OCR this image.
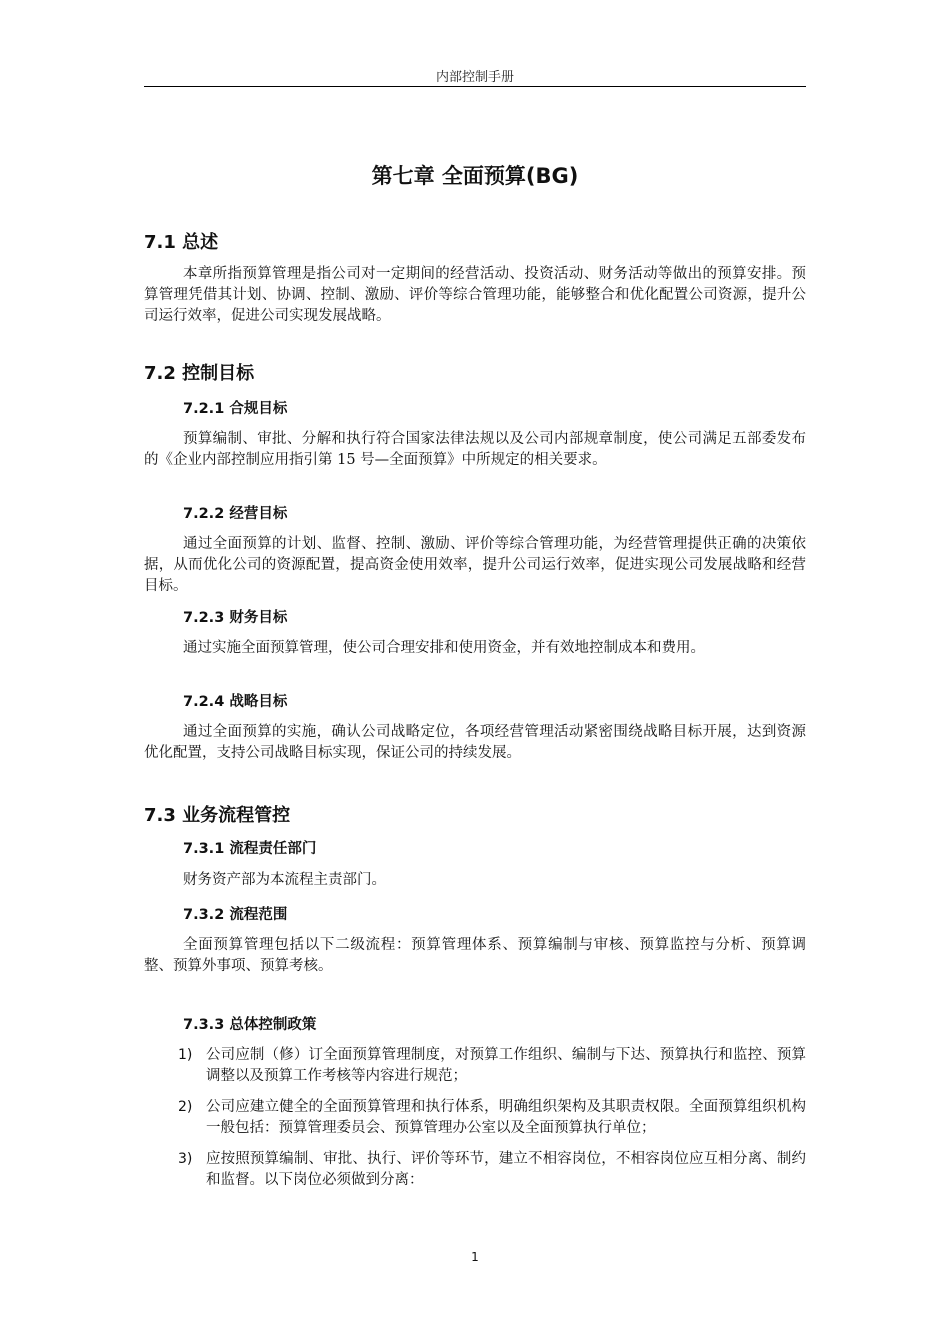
内部控制手册
第七章 全面预算(BG)
7.1 总述

本章所指预算管理是指公司对一定期间的经营活动、投资活动、财务活动等做出的预算安排。预算管理凭借其计划、协调、控制、激励、评价等综合管理功能，能够整合和优化配置公司资源，提升公司运行效率，促进公司实现发展战略。

7.2 控制目标
7.2.1 合规目标

预算编制、审批、分解和执行符合国家法律法规以及公司内部规章制度，使公司满足五部委发布的《企业内部控制应用指引第 15 号—全面预算》中所规定的相关要求。

7.2.2 经营目标

通过全面预算的计划、监督、控制、激励、评价等综合管理功能，为经营管理提供正确的决策依据，从而优化公司的资源配置，提高资金使用效率，提升公司运行效率，促进实现公司发展战略和经营目标。

7.2.3 财务目标

通过实施全面预算管理，使公司合理安排和使用资金，并有效地控制成本和费用。

7.2.4 战略目标

通过全面预算的实施，确认公司战略定位，各项经营管理活动紧密围绕战略目标开展，达到资源优化配置，支持公司战略目标实现，保证公司的持续发展。

7.3 业务流程管控
7.3.1 流程责任部门

财务资产部为本流程主责部门。

7.3.2 流程范围

全面预算管理包括以下二级流程：预算管理体系、预算编制与审核、预算监控与分析、预算调整、预算外事项、预算考核。

7.3.3 总体控制政策
1) 公司应制（修）订全面预算管理制度，对预算工作组织、编制与下达、预算执行和监控、预算调整以及预算工作考核等内容进行规范；
2) 公司应建立健全的全面预算管理和执行体系，明确组织架构及其职责权限。全面预算组织机构一般包括：预算管理委员会、预算管理办公室以及全面预算执行单位；
3) 应按照预算编制、审批、执行、评价等环节，建立不相容岗位，不相容岗位应互相分离、制约和监督。以下岗位必须做到分离：
1
